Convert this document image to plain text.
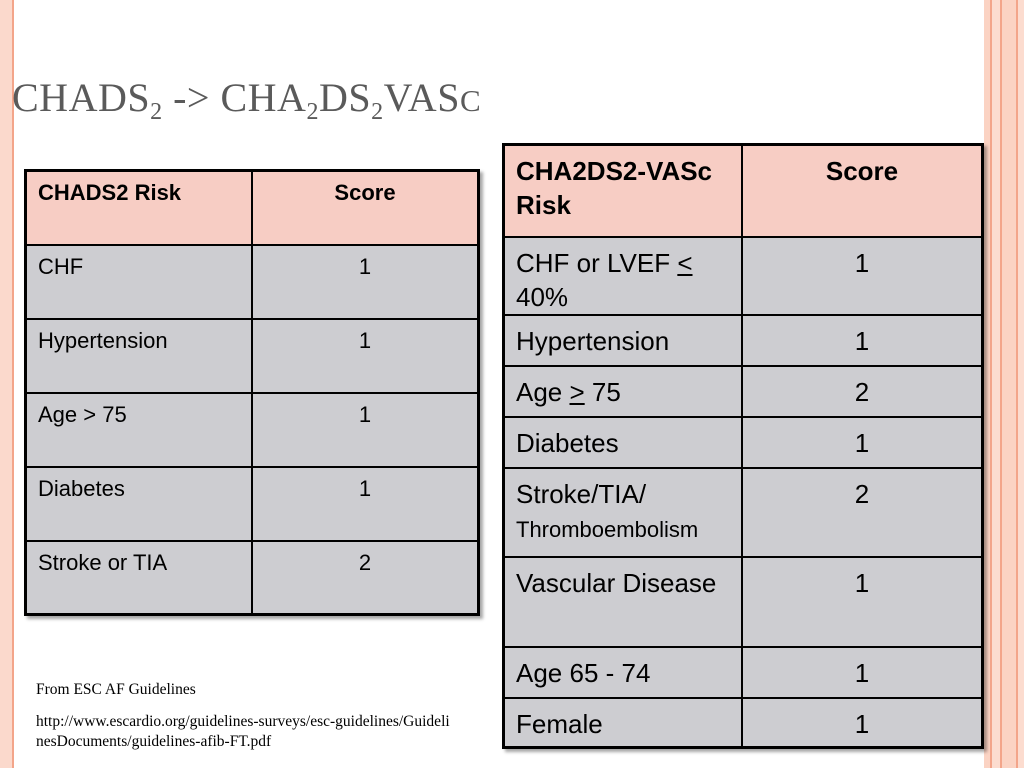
$CHADS_2$ -> $CHA_2DS_2VASC$
CHADS2 Risk	Score
CHF	1
Hypertension	1
Age > 75	1
Diabetes	1
Stroke or TIA	2
CHA2DS2-VASc Risk	Score
CHF or LVEF <
40%	1
Hypertension	1
Age ≥ 75	2
Diabetes	1
Stroke/TIA/
Thromboembolism	2
Vascular Disease	1
Age 65 - 74	1
Female	1

From ESC AF Guidelines

http://www.escardio.org/guidelines-surveys/esc-guidelines/GuidelinesDocuments/guidelines-afib-FT.pdf
